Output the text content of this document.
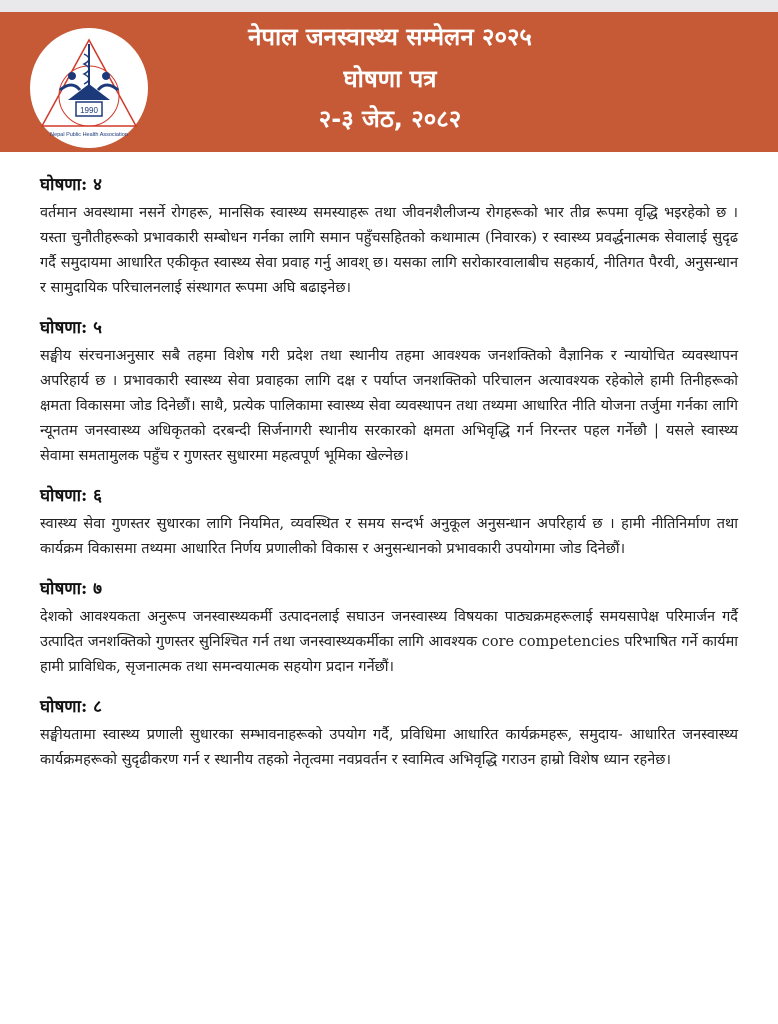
1990
Nepal Public Health Association
नेपाल जनस्वास्थ्य सम्मेलन २०२५
घोषणा पत्र
२-३ जेठ, २०८२
घोषणा: ४

वर्तमान अवस्थामा नसर्ने रोगहरू, मानसिक स्वास्थ्य समस्याहरू तथा जीवनशैलीजन्य रोगहरूको भार तीव्र रूपमा वृद्धि भइरहेको छ । यस्ता चुनौतीहरूको प्रभावकारी सम्बोधन गर्नका लागि समान पहुँचसहितको कथामात्म (निवारक) र स्वास्थ्य प्रवर्द्धनात्मक सेवालाई सुदृढ गर्दै समुदायमा आधारित एकीकृत स्वास्थ्य सेवा प्रवाह गर्नु आवश् छ। यसका लागि सरोकारवालाबीच सहकार्य, नीतिगत पैरवी, अनुसन्धान र सामुदायिक परिचालनलाई संस्थागत रूपमा अघि बढाइनेछ।

घोषणा: ५

सङ्घीय संरचनाअनुसार सबै तहमा विशेष गरी प्रदेश तथा स्थानीय तहमा आवश्यक जनशक्तिको वैज्ञानिक र न्यायोचित व्यवस्थापन अपरिहार्य छ । प्रभावकारी स्वास्थ्य सेवा प्रवाहका लागि दक्ष र पर्याप्त जनशक्तिको परिचालन अत्यावश्यक रहेकोले हामी तिनीहरूको क्षमता विकासमा जोड दिनेछौं। साथै, प्रत्येक पालिकामा स्वास्थ्य सेवा व्यवस्थापन तथा तथ्यमा आधारित नीति योजना तर्जुमा गर्नका लागि न्यूनतम जनस्वास्थ्य अधिकृतको दरबन्दी सिर्जनागरी स्थानीय सरकारको क्षमता अभिवृद्धि गर्न निरन्तर पहल गर्नेछौ | यसले स्वास्थ्य सेवामा समतामुलक पहुँच र गुणस्तर सुधारमा महत्वपूर्ण भूमिका खेल्नेछ।

घोषणा: ६

स्वास्थ्य सेवा गुणस्तर सुधारका लागि नियमित, व्यवस्थित र समय सन्दर्भ अनुकूल अनुसन्धान अपरिहार्य छ । हामी नीतिनिर्माण तथा कार्यक्रम विकासमा तथ्यमा आधारित निर्णय प्रणालीको विकास र अनुसन्धानको प्रभावकारी उपयोगमा जोड दिनेछौं।

घोषणा: ७

देशको आवश्यकता अनुरूप जनस्वास्थ्यकर्मी उत्पादनलाई सघाउन जनस्वास्थ्य विषयका पाठ्यक्रमहरूलाई समयसापेक्ष परिमार्जन गर्दै उत्पादित जनशक्तिको गुणस्तर सुनिश्चित गर्न तथा जनस्वास्थ्यकर्मीका लागि आवश्यक core competencies परिभाषित गर्ने कार्यमा हामी प्राविधिक, सृजनात्मक तथा समन्वयात्मक सहयोग प्रदान गर्नेछौं।

घोषणा: ८

सङ्घीयतामा स्वास्थ्य प्रणाली सुधारका सम्भावनाहरूको उपयोग गर्दै, प्रविधिमा आधारित कार्यक्रमहरू, समुदाय- आधारित जनस्वास्थ्य कार्यक्रमहरूको सुदृढीकरण गर्न र स्थानीय तहको नेतृत्वमा नवप्रवर्तन र स्वामित्व अभिवृद्धि गराउन हाम्रो विशेष ध्यान रहनेछ।
